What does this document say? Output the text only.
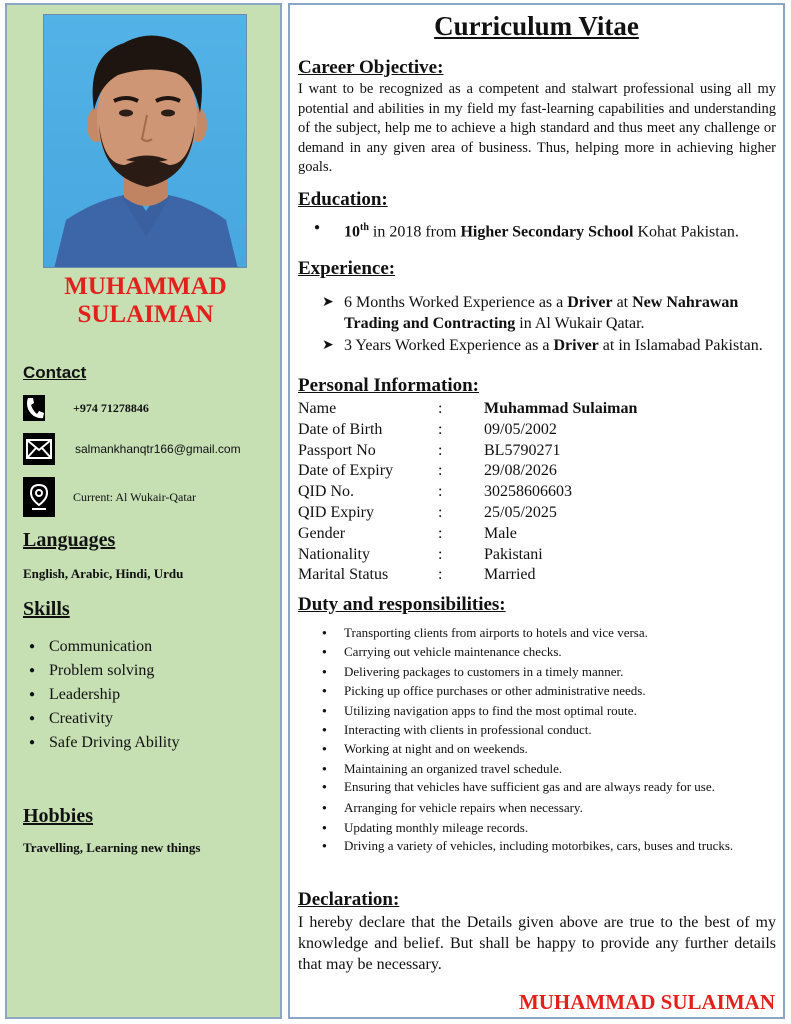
MUHAMMAD
SULAIMAN
Contact
+974 71278846
salmankhanqtr166@gmail.com
Current: Al Wukair-Qatar
Languages
English, Arabic, Hindi, Urdu
Skills
● Communication
● Problem solving
● Leadership
● Creativity
● Safe Driving Ability
Hobbies
Travelling, Learning new things
Curriculum Vitae
Career Objective:
I want to be recognized as a competent and stalwart professional using all my potential and abilities in my field my fast-learning capabilities and understanding of the subject, help me to achieve a high standard and thus meet any challenge or demand in any given area of business. Thus, helping more in achieving higher goals.
Education:
● 10th in 2018 from Higher Secondary School Kohat Pakistan.
Experience:
➤ 6 Months Worked Experience as a Driver at New Nahrawan Trading and Contracting in Al Wukair Qatar.
➤ 3 Years Worked Experience as a Driver at in Islamabad Pakistan.
Personal Information:
Name	:	Muhammad Sulaiman
Date of Birth	:	09/05/2002
Passport No	:	BL5790271
Date of Expiry	:	29/08/2026
QID No.	:	30258606603
QID Expiry	:	25/05/2025
Gender	:	Male
Nationality	:	Pakistani
Marital Status	:	Married
Duty and responsibilities:
● Transporting clients from airports to hotels and vice versa.
● Carrying out vehicle maintenance checks.
● Delivering packages to customers in a timely manner.
● Picking up office purchases or other administrative needs.
● Utilizing navigation apps to find the most optimal route.
● Interacting with clients in professional conduct.
● Working at night and on weekends.
● Maintaining an organized travel schedule.
● Ensuring that vehicles have sufficient gas and are always ready for use.
● Arranging for vehicle repairs when necessary.
● Updating monthly mileage records.
● Driving a variety of vehicles, including motorbikes, cars, buses and trucks.
Declaration:
I hereby declare that the Details given above are true to the best of my knowledge and belief. But shall be happy to provide any further details that may be necessary.
MUHAMMAD SULAIMAN
